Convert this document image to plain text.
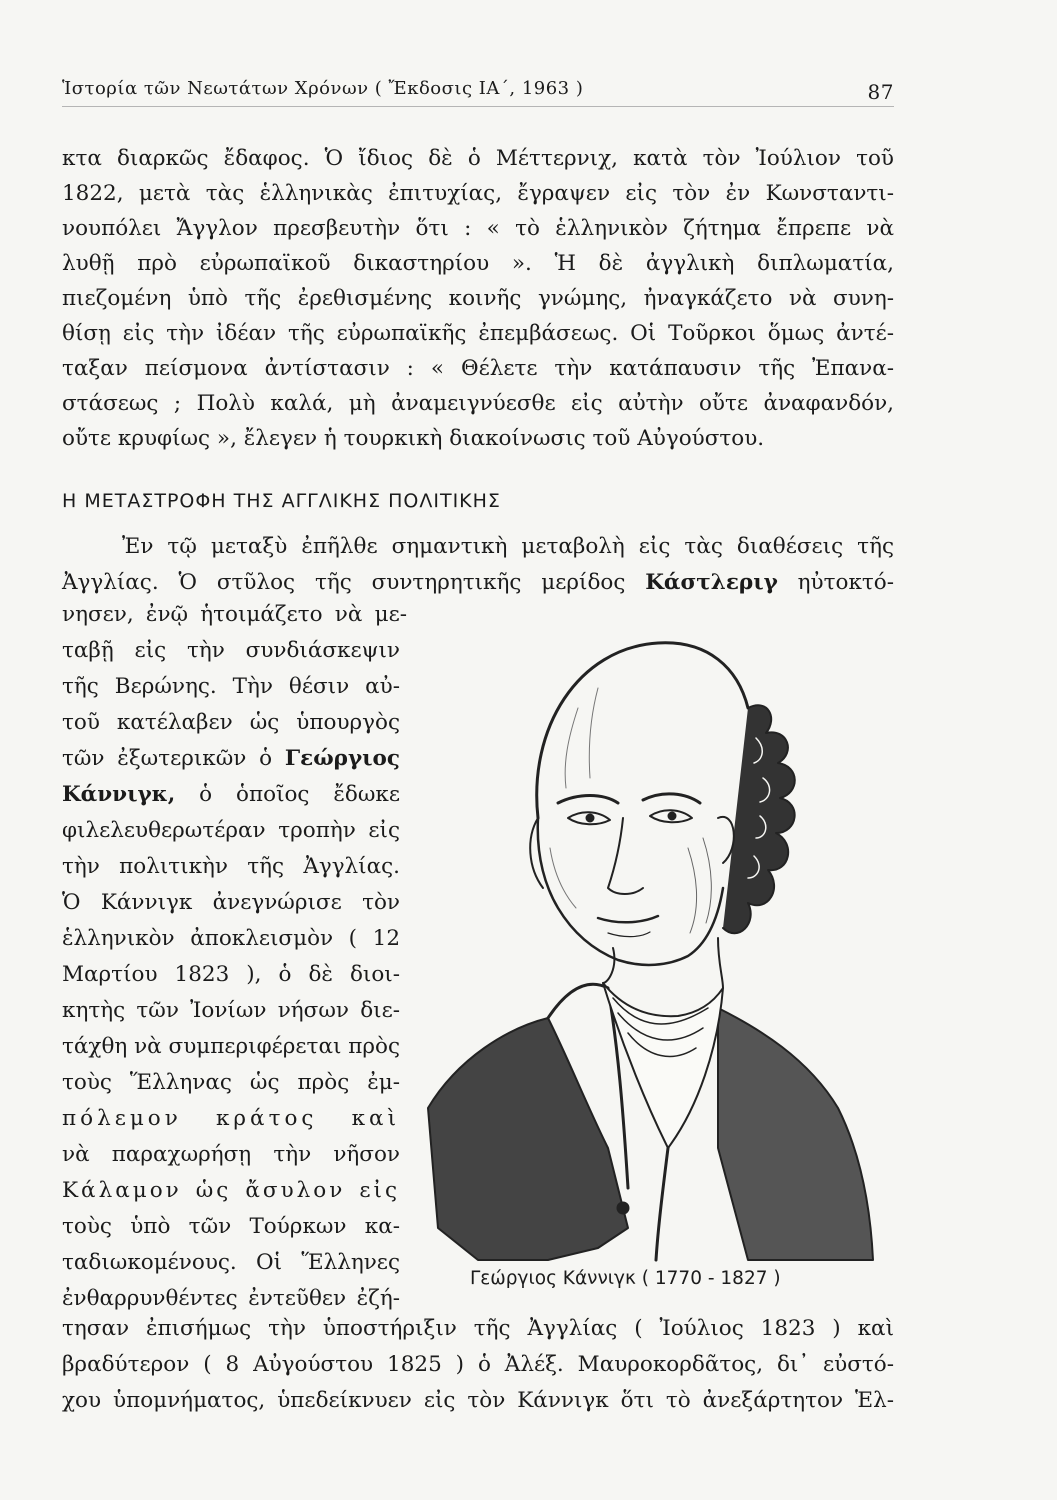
Ἱστορία τῶν Νεωτάτων Χρόνων ( Ἔκδοσις ΙΑ΄, 1963 )	87
κτα διαρκῶς ἔδαφος. Ὁ ἴδιος δὲ ὁ Μέττερνιχ, κατὰ τὸν Ἰούλιον τοῦ
1822, μετὰ τὰς ἑλληνικὰς ἐπιτυχίας, ἔγραψεν εἰς τὸν ἐν Κωνσταντι-
νουπόλει Ἄγγλον πρεσβευτὴν ὅτι : « τὸ ἑλληνικὸν ζήτημα ἔπρεπε νὰ
λυθῇ πρὸ εὐρωπαϊκοῦ δικαστηρίου ». Ἡ δὲ ἀγγλικὴ διπλωματία,
πιεζομένη ὑπὸ τῆς ἐρεθισμένης κοινῆς γνώμης, ἠναγκάζετο νὰ συνη-
θίσῃ εἰς τὴν ἰδέαν τῆς εὐρωπαϊκῆς ἐπεμβάσεως. Οἱ Τοῦρκοι ὅμως ἀντέ-
ταξαν πείσμονα ἀντίστασιν : « Θέλετε τὴν κατάπαυσιν τῆς Ἐπανα-
στάσεως ; Πολὺ καλά, μὴ ἀναμειγνύεσθε εἰς αὐτὴν οὔτε ἀναφανδόν,
οὔτε κρυφίως », ἔλεγεν ἡ τουρκικὴ διακοίνωσις τοῦ Αὐγούστου.
Η ΜΕΤΑΣΤΡΟΦΗ ΤΗΣ ΑΓΓΛΙΚΗΣ ΠΟΛΙΤΙΚΗΣ
Ἐν τῷ μεταξὺ ἐπῆλθε σημαντικὴ μεταβολὴ εἰς τὰς διαθέσεις τῆς
Ἀγγλίας. Ὁ στῦλος τῆς συντηρητικῆς μερίδος Κάστλεριγ ηὐτοκτό-
νησεν, ἐνῷ ἡτοιμάζετο νὰ με-
ταβῇ εἰς τὴν συνδιάσκεψιν
τῆς Βερώνης. Τὴν θέσιν αὐ-
τοῦ κατέλαβεν ὡς ὑπουργὸς
τῶν ἐξωτερικῶν ὁ Γεώργιος
Κάννιγκ, ὁ ὁποῖος ἔδωκε
φιλελευθερωτέραν τροπὴν εἰς
τὴν πολιτικὴν τῆς Ἀγγλίας.
Ὁ Κάννιγκ ἀνεγνώρισε τὸν
ἑλληνικὸν ἀποκλεισμὸν ( 12
Μαρτίου 1823 ), ὁ δὲ διοι-
κητὴς τῶν Ἰονίων νήσων διε-
τάχθη νὰ συμπεριφέρεται πρὸς
τοὺς Ἕλληνας ὡς πρὸς ἐμ-
πόλεμον κράτος καὶ
νὰ παραχωρήσῃ τὴν νῆσον
Κάλαμον ὡς ἄσυλον εἰς
τοὺς ὑπὸ τῶν Τούρκων κα-
ταδιωκομένους. Οἱ Ἕλληνες
ἐνθαρρυνθέντες ἐντεῦθεν ἐζή-
Γεώργιος Κάννιγκ ( 1770 - 1827 )
τησαν ἐπισήμως τὴν ὑποστήριξιν τῆς Ἀγγλίας ( Ἰούλιος 1823 ) καὶ
βραδύτερον ( 8 Αὐγούστου 1825 ) ὁ Ἀλέξ. Μαυροκορδᾶτος, δι᾽ εὐστό-
χου ὑπομνήματος, ὑπεδείκνυεν εἰς τὸν Κάννιγκ ὅτι τὸ ἀνεξάρτητον Ἑλ-
